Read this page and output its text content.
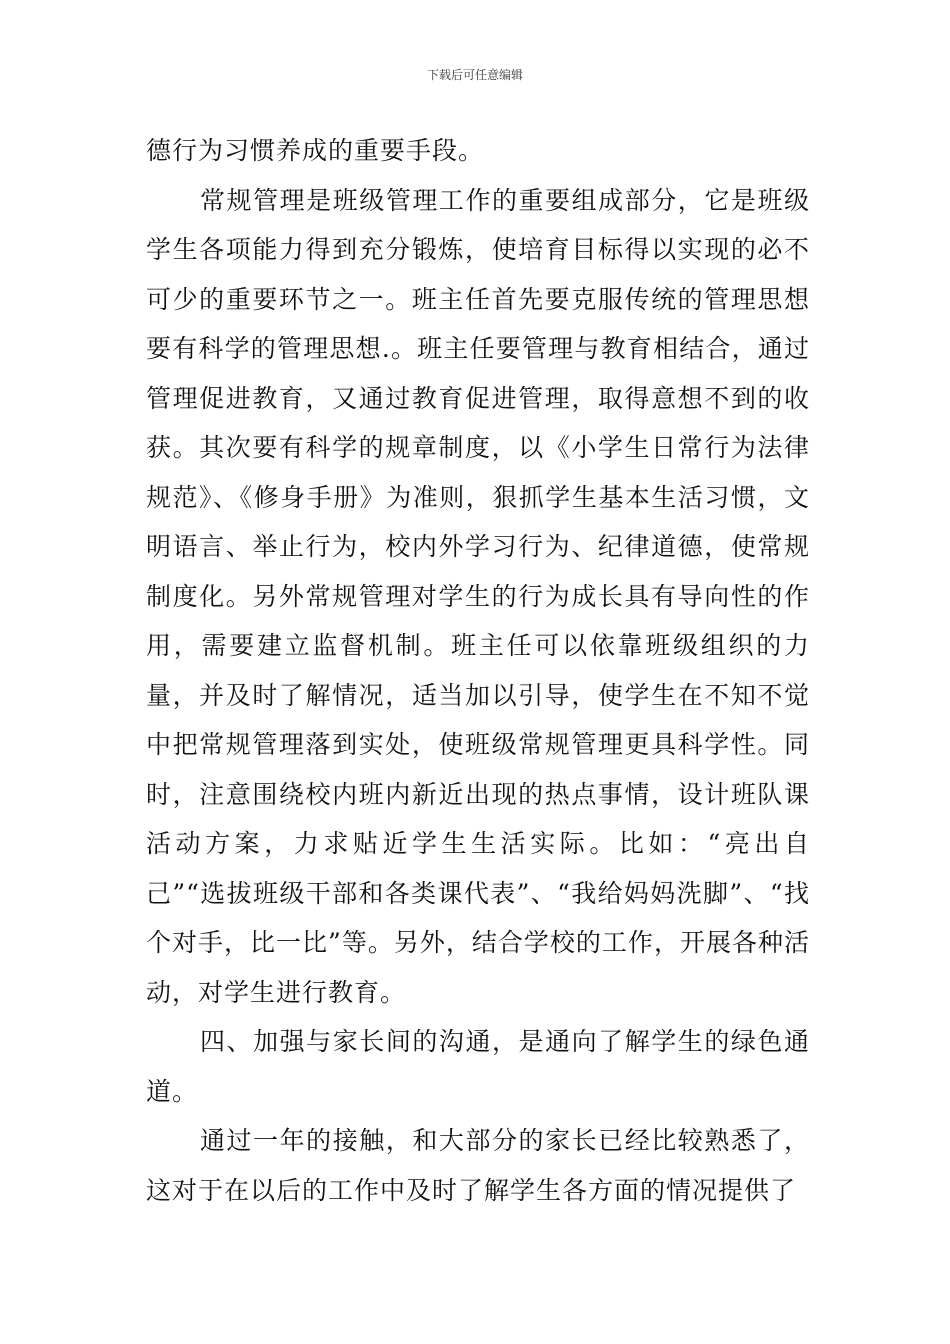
下载后可任意编辑

德行为习惯养成的重要手段。

常规管理是班级管理工作的重要组成部分，它是班级学生各项能力得到充分锻炼，使培育目标得以实现的必不可少的重要环节之一。班主任首先要克服传统的管理思想要有科学的管理思想.。班主任要管理与教育相结合，通过管理促进教育，又通过教育促进管理，取得意想不到的收获。其次要有科学的规章制度，以《小学生日常行为法律规范》、《修身手册》为准则，狠抓学生基本生活习惯，文明语言、举止行为，校内外学习行为、纪律道德，使常规制度化。另外常规管理对学生的行为成长具有导向性的作用，需要建立监督机制。班主任可以依靠班级组织的力量，并及时了解情况，适当加以引导，使学生在不知不觉中把常规管理落到实处，使班级常规管理更具科学性。同时，注意围绕校内班内新近出现的热点事情，设计班队课活动方案，力求贴近学生生活实际。比如：“亮出自己”“选拔班级干部和各类课代表”、“我给妈妈洗脚”、“找个对手，比一比”等。另外，结合学校的工作，开展各种活动，对学生进行教育。

四、加强与家长间的沟通，是通向了解学生的绿色通道。

通过一年的接触，和大部分的家长已经比较熟悉了，这对于在以后的工作中及时了解学生各方面的情况提供了
